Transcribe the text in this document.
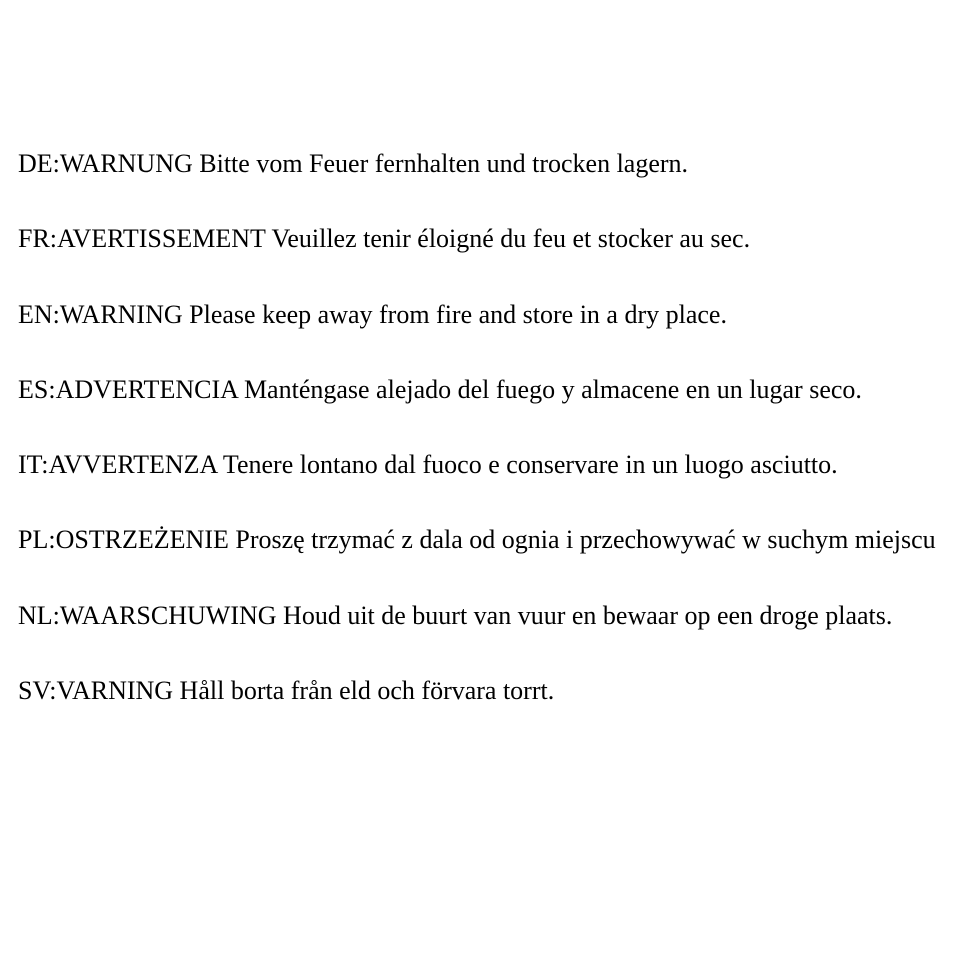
DE:WARNUNG Bitte vom Feuer fernhalten und trocken lagern.
FR:AVERTISSEMENT Veuillez tenir éloigné du feu et stocker au sec.
EN:WARNING Please keep away from fire and store in a dry place.
ES:ADVERTENCIA Manténgase alejado del fuego y almacene en un lugar seco.
IT:AVVERTENZA Tenere lontano dal fuoco e conservare in un luogo asciutto.
PL:OSTRZEŻENIE Proszę trzymać z dala od ognia i przechowywać w suchym miejscu
NL:WAARSCHUWING Houd uit de buurt van vuur en bewaar op een droge plaats.
SV:VARNING Håll borta från eld och förvara torrt.
